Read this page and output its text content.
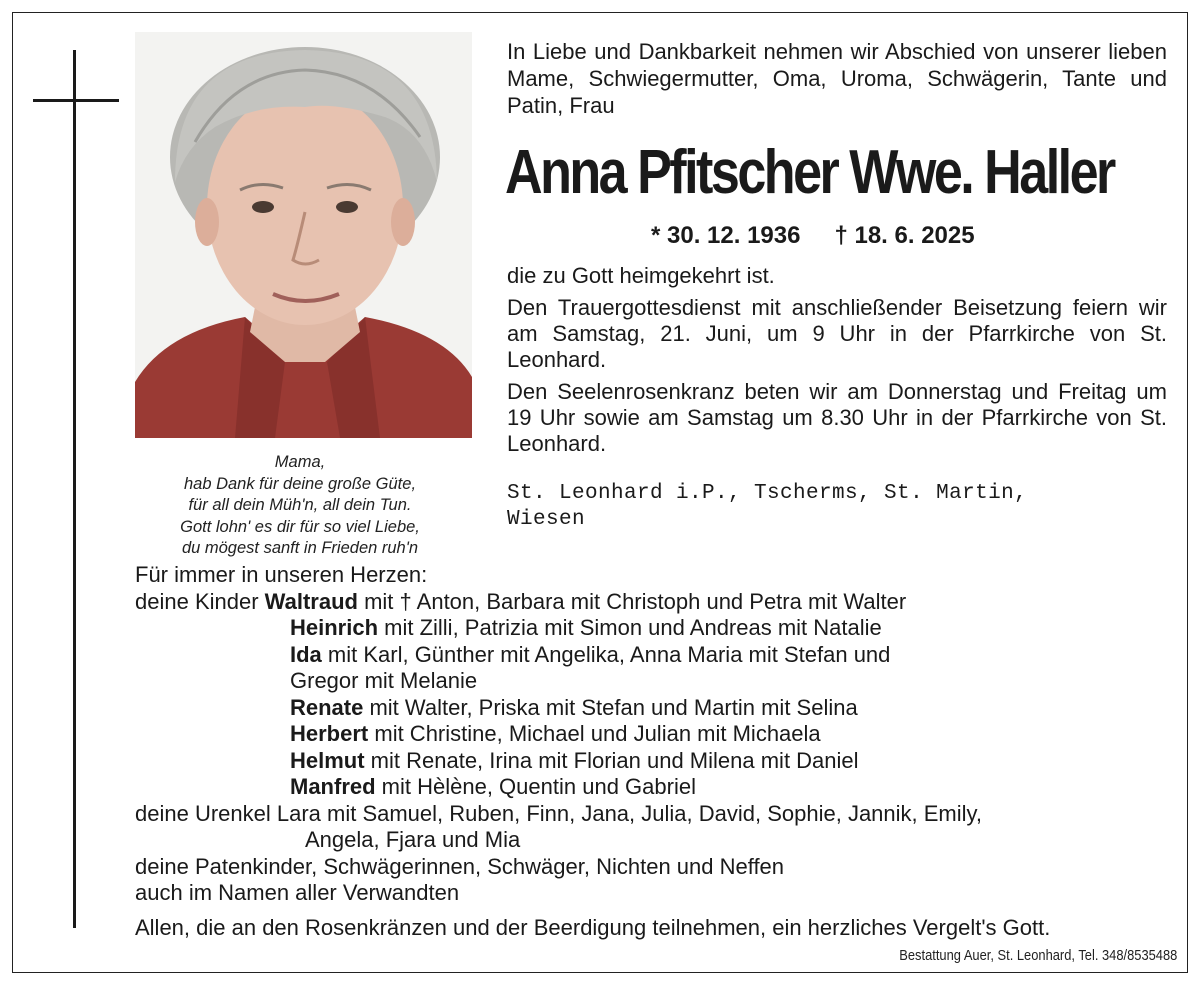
Mama,
hab Dank für deine große Güte,
für all dein Müh'n, all dein Tun.
Gott lohn' es dir für so viel Liebe,
du mögest sanft in Frieden ruh'n
In Liebe und Dankbarkeit nehmen wir Abschied von unserer lieben Mame, Schwiegermutter, Oma, Uroma, Schwägerin, Tante und Patin, Frau
Anna Pfitscher Wwe. Haller
* 30. 12. 1936 † 18. 6. 2025

die zu Gott heimgekehrt ist.

Den Trauergottesdienst mit anschließender Beisetzung feiern wir am Samstag, 21. Juni, um 9 Uhr in der Pfarrkirche von St. Leonhard.

Den Seelenrosenkranz beten wir am Donnerstag und Freitag um 19 Uhr sowie am Samstag um 8.30 Uhr in der Pfarrkirche von St. Leonhard.

St. Leonhard i.P., Tscherms, St. Martin, Wiesen
Für immer in unseren Herzen:
deine Kinder Waltraud mit † Anton, Barbara mit Christoph und Petra mit Walter
Heinrich mit Zilli, Patrizia mit Simon und Andreas mit Natalie
Ida mit Karl, Günther mit Angelika, Anna Maria mit Stefan und
Gregor mit Melanie
Renate mit Walter, Priska mit Stefan und Martin mit Selina
Herbert mit Christine, Michael und Julian mit Michaela
Helmut mit Renate, Irina mit Florian und Milena mit Daniel
Manfred mit Hèlène, Quentin und Gabriel
deine Urenkel Lara mit Samuel, Ruben, Finn, Jana, Julia, David, Sophie, Jannik, Emily,
Angela, Fjara und Mia
deine Patenkinder, Schwägerinnen, Schwäger, Nichten und Neffen
auch im Namen aller Verwandten
Allen, die an den Rosenkränzen und der Beerdigung teilnehmen, ein herzliches Vergelt's Gott.
Bestattung Auer, St. Leonhard, Tel. 348/8535488
